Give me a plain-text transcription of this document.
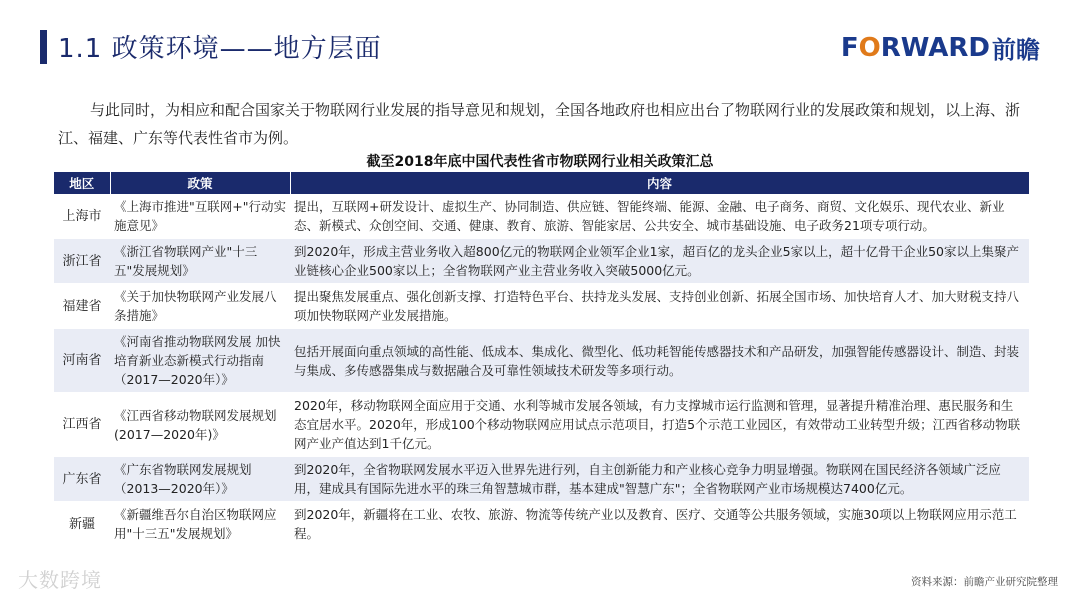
1.1 政策环境——地方层面	FORWARD 前瞻
与此同时，为相应和配合国家关于物联网行业发展的指导意见和规划，全国各地政府也相应出台了物联网行业的发展政策和规划，以上海、浙江、福建、广东等代表性省市为例。
截至2018年底中国代表性省市物联网行业相关政策汇总
地区	政策	内容
上海市	《上海市推进"互联网+"行动实施意见》	提出，互联网+研发设计、虚拟生产、协同制造、供应链、智能终端、能源、金融、电子商务、商贸、文化娱乐、现代农业、新业态、新模式、众创空间、交通、健康、教育、旅游、智能家居、公共安全、城市基础设施、电子政务21项专项行动。
浙江省	《浙江省物联网产业"十三五"发展规划》	到2020年，形成主营业务收入超800亿元的物联网企业领军企业1家，超百亿的龙头企业5家以上，超十亿骨干企业50家以上集聚产业链核心企业500家以上；全省物联网产业主营业务收入突破5000亿元。
福建省	《关于加快物联网产业发展八条措施》	提出聚焦发展重点、强化创新支撑、打造特色平台、扶持龙头发展、支持创业创新、拓展全国市场、加快培育人才、加大财税支持八项加快物联网产业发展措施。
河南省	《河南省推动物联网发展 加快培育新业态新模式行动指南（2017—2020年）》	包括开展面向重点领域的高性能、低成本、集成化、微型化、低功耗智能传感器技术和产品研发，加强智能传感器设计、制造、封装与集成、多传感器集成与数据融合及可靠性领域技术研发等多项行动。
江西省	《江西省移动物联网发展规划(2017—2020年)》	2020年，移动物联网全面应用于交通、水利等城市发展各领域，有力支撑城市运行监测和管理，显著提升精准治理、惠民服务和生态宜居水平。2020年，形成100个移动物联网应用试点示范项目，打造5个示范工业园区，有效带动工业转型升级；江西省移动物联网产业产值达到1千亿元。
广东省	《广东省物联网发展规划（2013—2020年）》	到2020年，全省物联网发展水平迈入世界先进行列，自主创新能力和产业核心竞争力明显增强。物联网在国民经济各领域广泛应用，建成具有国际先进水平的珠三角智慧城市群，基本建成"智慧广东"；全省物联网产业市场规模达7400亿元。
新疆	《新疆维吾尔自治区物联网应用"十三五"发展规划》	到2020年，新疆将在工业、农牧、旅游、物流等传统产业以及教育、医疗、交通等公共服务领域，实施30项以上物联网应用示范工程。
大数跨境	资料来源：前瞻产业研究院整理
